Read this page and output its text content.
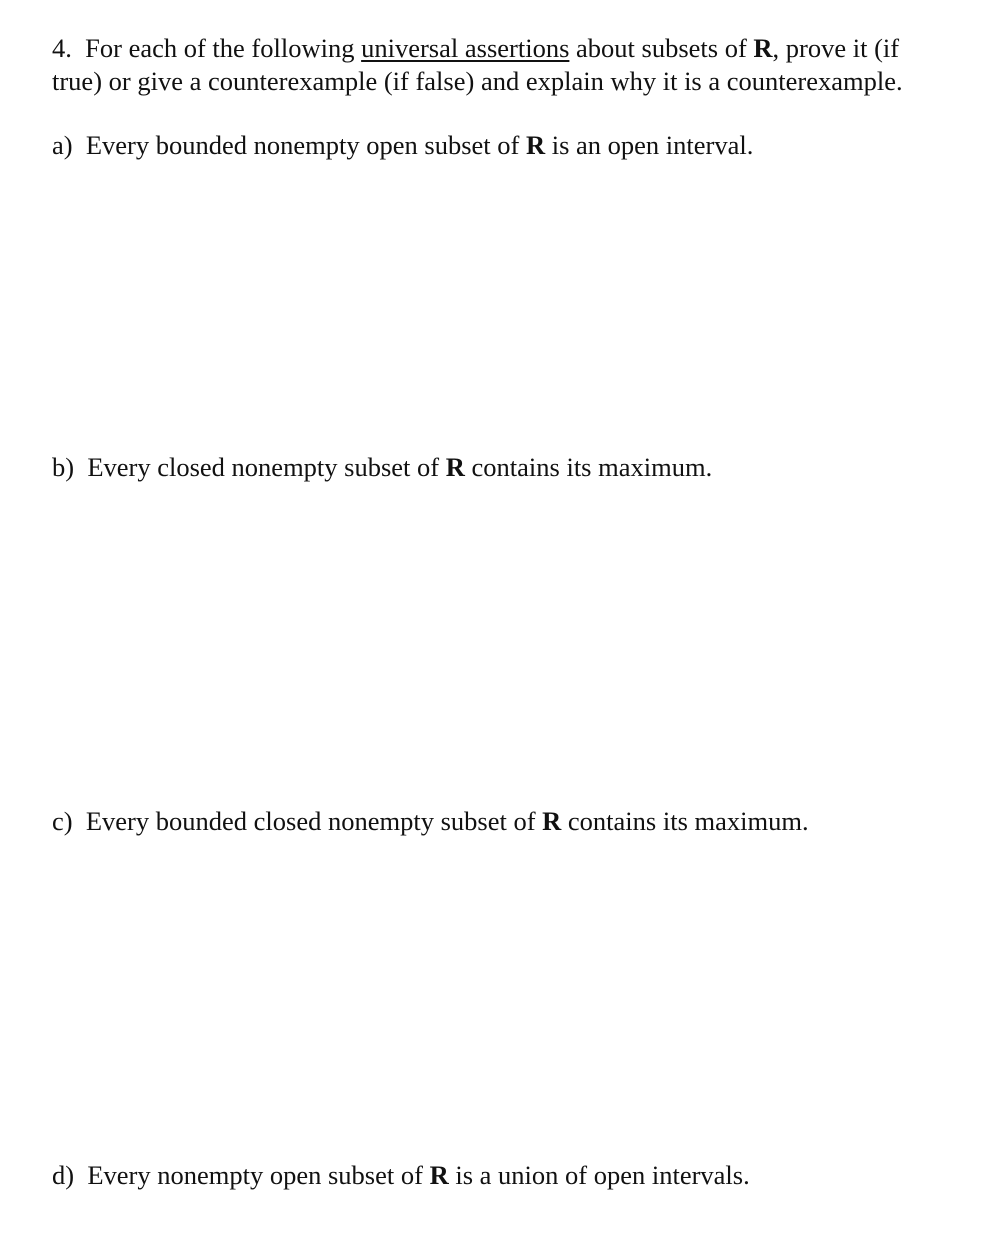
4. For each of the following universal assertions about subsets of R, prove it (if
true) or give a counterexample (if false) and explain why it is a counterexample.
a) Every bounded nonempty open subset of R is an open interval.
b) Every closed nonempty subset of R contains its maximum.
c) Every bounded closed nonempty subset of R contains its maximum.
d) Every nonempty open subset of R is a union of open intervals.
